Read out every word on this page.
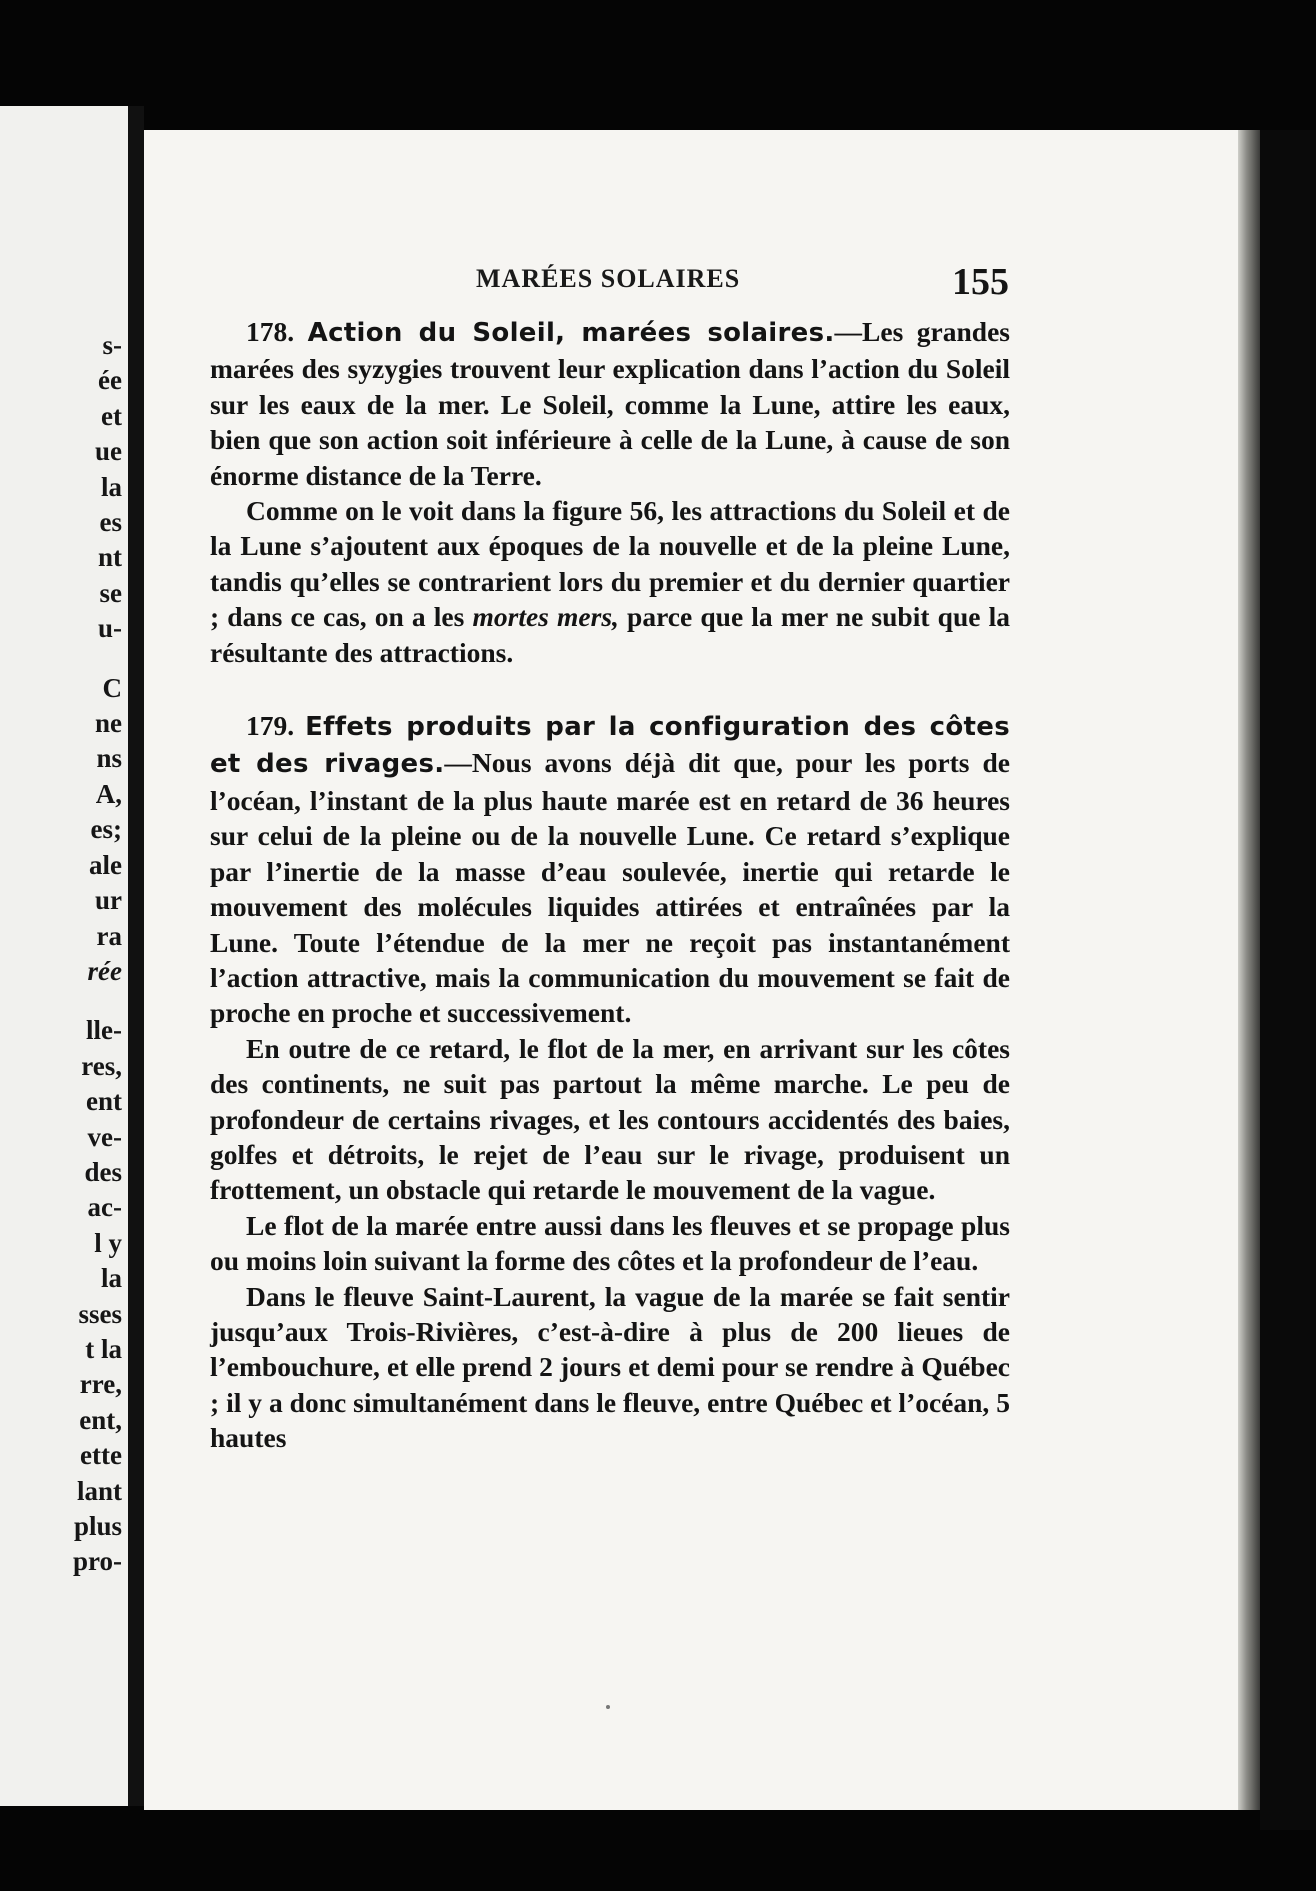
s-
ée
et
ue
la
es
nt
se
u-
C
ne
ns
A,
es;
ale
ur
ra
rée
lle-
res,
ent
ve-
des
ac-
l y
la
sses
t la
rre,
ent,
ette
lant
plus
pro-
MARÉES SOLAIRES	155

178. Action du Soleil, marées solaires.—Les grandes marées des syzygies trouvent leur explication dans l’action du Soleil sur les eaux de la mer. Le Soleil, comme la Lune, attire les eaux, bien que son action soit inférieure à celle de la Lune, à cause de son énorme distance de la Terre.

Comme on le voit dans la figure 56, les attractions du Soleil et de la Lune s’ajoutent aux époques de la nouvelle et de la pleine Lune, tandis qu’elles se contrarient lors du premier et du dernier quartier ; dans ce cas, on a les mortes mers, parce que la mer ne subit que la résultante des attractions.

179. Effets produits par la configuration des côtes et des rivages.—Nous avons déjà dit que, pour les ports de l’océan, l’instant de la plus haute marée est en retard de 36 heures sur celui de la pleine ou de la nouvelle Lune. Ce retard s’explique par l’inertie de la masse d’eau soulevée, inertie qui retarde le mouvement des molécules liquides attirées et entraînées par la Lune. Toute l’étendue de la mer ne reçoit pas instantanément l’action attractive, mais la communication du mouvement se fait de proche en proche et successivement.

En outre de ce retard, le flot de la mer, en arrivant sur les côtes des continents, ne suit pas partout la même marche. Le peu de profondeur de certains rivages, et les contours accidentés des baies, golfes et détroits, le rejet de l’eau sur le rivage, produisent un frottement, un obstacle qui retarde le mouvement de la vague.

Le flot de la marée entre aussi dans les fleuves et se propage plus ou moins loin suivant la forme des côtes et la profondeur de l’eau.

Dans le fleuve Saint-Laurent, la vague de la marée se fait sentir jusqu’aux Trois-Rivières, c’est-à-dire à plus de 200 lieues de l’embouchure, et elle prend 2 jours et demi pour se rendre à Québec ; il y a donc simultanément dans le fleuve, entre Québec et l’océan, 5 hautes
